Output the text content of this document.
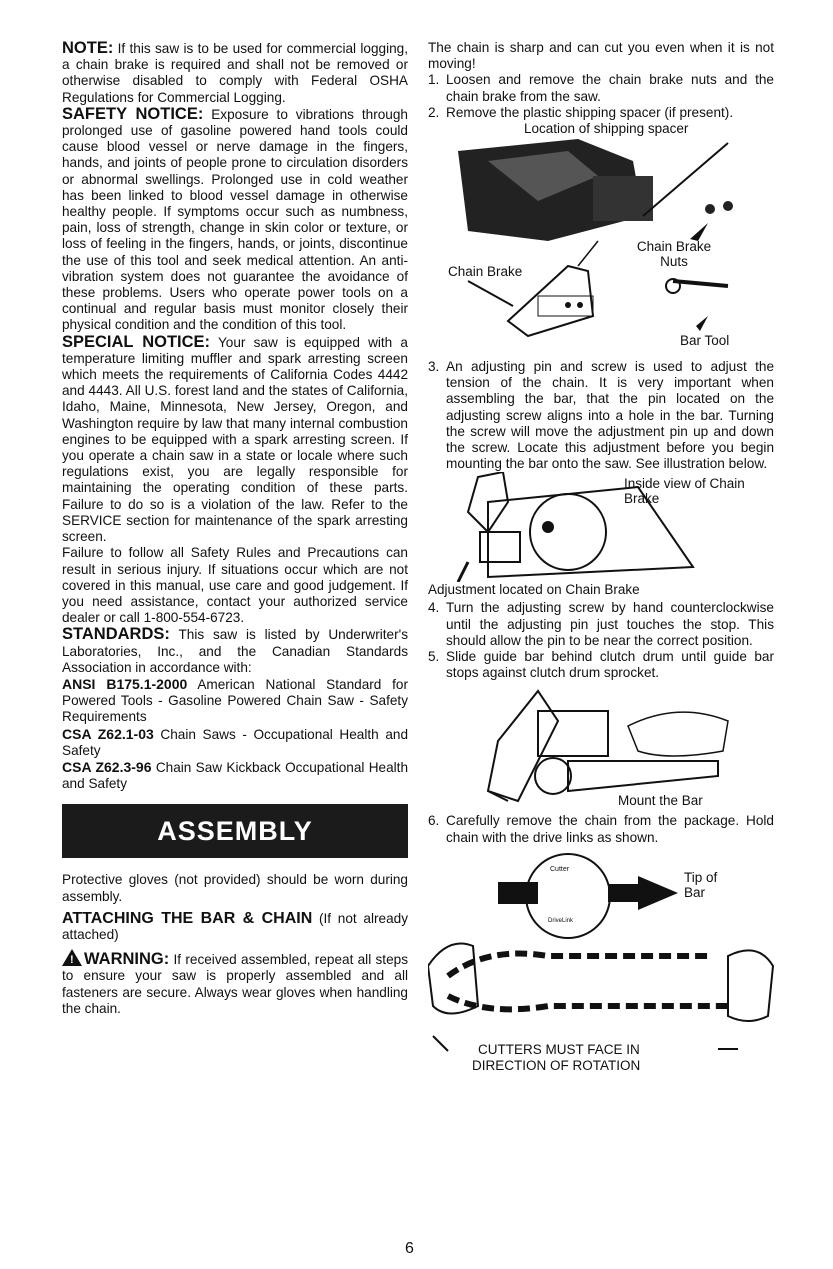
NOTE: If this saw is to be used for commercial logging, a chain brake is required and shall not be removed or otherwise disabled to comply with Federal OSHA Regulations for Commercial Logging.

SAFETY NOTICE: Exposure to vibrations through prolonged use of gasoline powered hand tools could cause blood vessel or nerve damage in the fingers, hands, and joints of people prone to circulation disorders or abnormal swellings. Prolonged use in cold weather has been linked to blood vessel damage in otherwise healthy people. If symptoms occur such as numbness, pain, loss of strength, change in skin color or texture, or loss of feeling in the fingers, hands, or joints, discontinue the use of this tool and seek medical attention. An anti-vibration system does not guarantee the avoidance of these problems. Users who operate power tools on a continual and regular basis must monitor closely their physical condition and the condition of this tool.

SPECIAL NOTICE: Your saw is equipped with a temperature limiting muffler and spark arresting screen which meets the requirements of California Codes 4442 and 4443. All U.S. forest land and the states of California, Idaho, Maine, Minnesota, New Jersey, Oregon, and Washington require by law that many internal combustion engines to be equipped with a spark arresting screen. If you operate a chain saw in a state or locale where such regulations exist, you are legally responsible for maintaining the operating condition of these parts. Failure to do so is a violation of the law. Refer to the SERVICE section for maintenance of the spark arresting screen.

Failure to follow all Safety Rules and Precautions can result in serious injury. If situations occur which are not covered in this manual, use care and good judgement. If you need assistance, contact your authorized service dealer or call 1-800-554-6723.

STANDARDS: This saw is listed by Underwriter's Laboratories, Inc., and the Canadian Standards Association in accordance with:

ANSI B175.1-2000 American National Standard for Powered Tools - Gasoline Powered Chain Saw - Safety Requirements

CSA Z62.1-03 Chain Saws - Occupational Health and Safety

CSA Z62.3-96 Chain Saw Kickback Occupational Health and Safety

ASSEMBLY

Protective gloves (not provided) should be worn during assembly.

ATTACHING THE BAR & CHAIN (If not already attached)

! WARNING: If received assembled, repeat all steps to ensure your saw is properly assembled and all fasteners are secure. Always wear gloves when handling the chain.

The chain is sharp and can cut you even when it is not moving!

1. Loosen and remove the chain brake nuts and the chain brake from the saw.
2. Remove the plastic shipping spacer (if present).
Location of shipping spacer
Chain Brake Nuts
Chain Brake
Bar Tool
3. An adjusting pin and screw is used to adjust the tension of the chain. It is very important when assembling the bar, that the pin located on the adjusting screw aligns into a hole in the bar. Turning the screw will move the adjustment pin up and down the screw. Locate this adjustment before you begin mounting the bar onto the saw. See illustration below.
Inside view of Chain Brake
Adjustment located on Chain Brake
4. Turn the adjusting screw by hand counterclockwise until the adjusting pin just touches the stop. This should allow the pin to be near the correct position.
5. Slide guide bar behind clutch drum until guide bar stops against clutch drum sprocket.
Mount the Bar
6. Carefully remove the chain from the package. Hold chain with the drive links as shown.
Cutter
DriveLink
Tip of Bar
CUTTERS MUST FACE IN
DIRECTION OF ROTATION
6
